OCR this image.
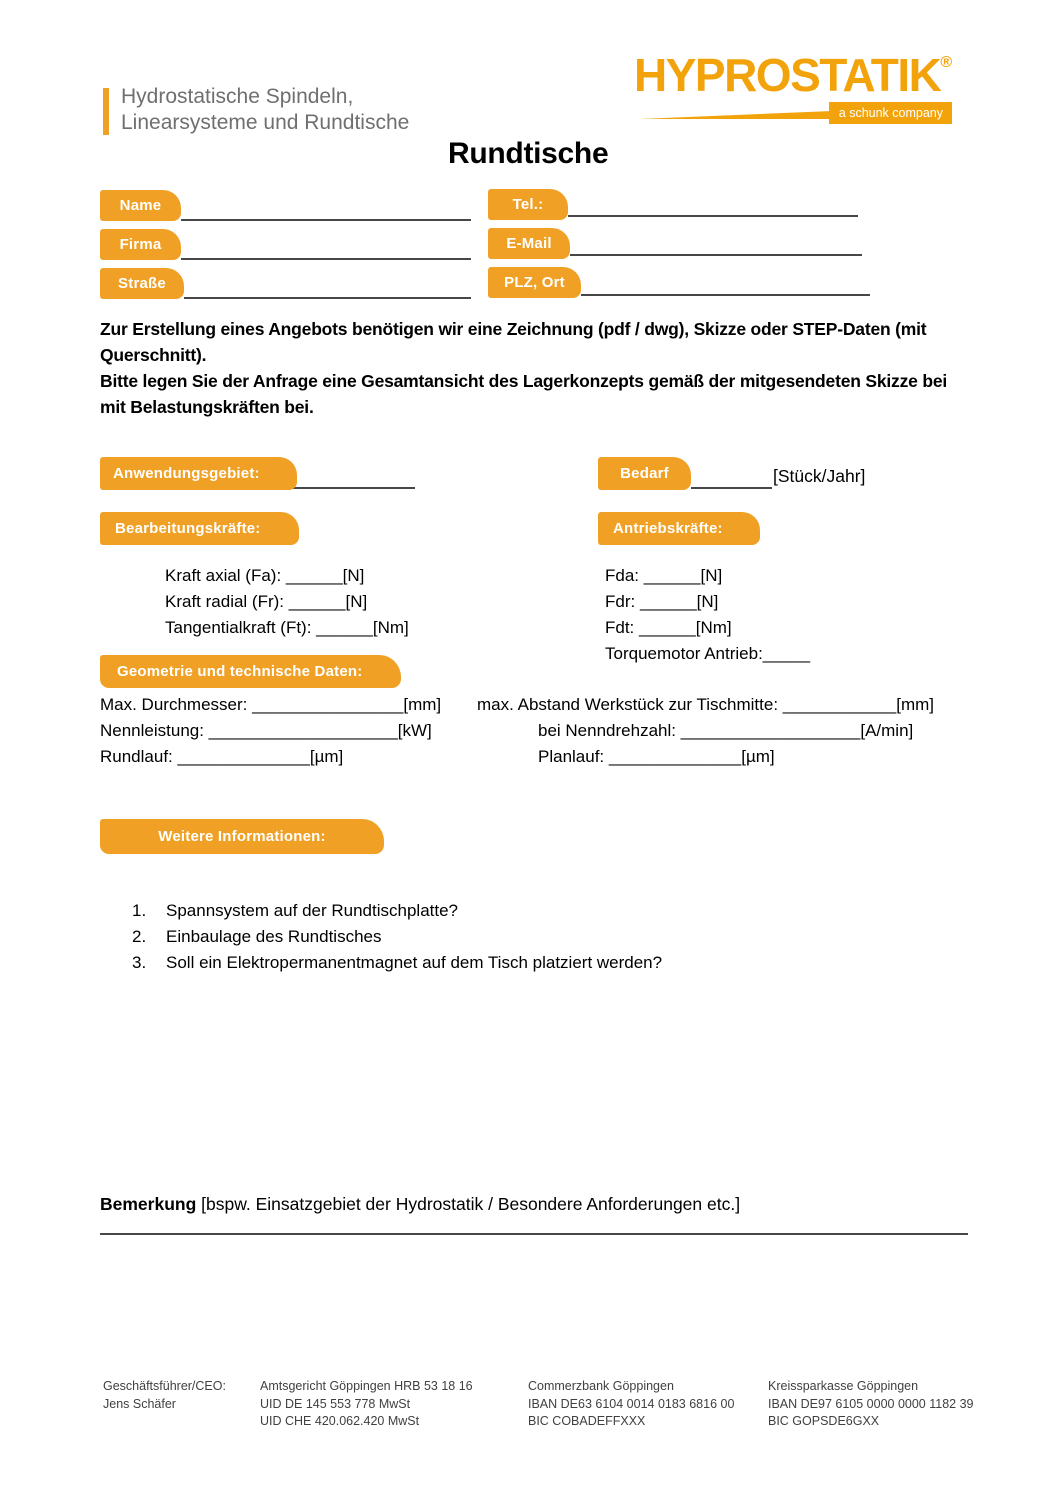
Hydrostatische Spindeln,
Linearsysteme und Rundtische
HYPROSTATIK®
a schunk company
Rundtische
Name
Firma
Straße
Tel.:
E-Mail
PLZ, Ort
Zur Erstellung eines Angebots benötigen wir eine Zeichnung (pdf / dwg), Skizze oder STEP-Daten (mit Querschnitt).
Bitte legen Sie der Anfrage eine Gesamtansicht des Lagerkonzepts gemäß der mitgesendeten Skizze bei mit Belastungskräften bei.
Anwendungsgebiet:	Bedarf	[Stück/Jahr]
Bearbeitungskräfte:	Antriebskräfte:
Kraft axial (Fa): ______[N]
Kraft radial (Fr): ______[N]
Tangentialkraft (Ft): ______[Nm]
Fda: ______[N]
Fdr: ______[N]
Fdt: ______[Nm]
Torquemotor Antrieb:_____
Geometrie und technische Daten:
Max. Durchmesser: ________________[mm] max. Abstand Werkstück zur Tischmitte: ____________[mm]
Nennleistung: ____________________[kW]	bei Nenndrehzahl: ___________________[A/min]
Rundlauf: ______________[µm]	Planlauf: ______________[µm]
Weitere Informationen:
1.	Spannsystem auf der Rundtischplatte?
2.	Einbaulage des Rundtisches
3.	Soll ein Elektropermanentmagnet auf dem Tisch platziert werden?
Bemerkung [bspw. Einsatzgebiet der Hydrostatik / Besondere Anforderungen etc.]
Geschäftsführer/CEO:
Jens Schäfer
Amtsgericht Göppingen HRB 53 18 16
UID DE 145 553 778 MwSt
UID CHE 420.062.420 MwSt
Commerzbank Göppingen
IBAN DE63 6104 0014 0183 6816 00
BIC COBADEFFXXX
Kreissparkasse Göppingen
IBAN DE97 6105 0000 0000 1182 39
BIC GOPSDE6GXX
